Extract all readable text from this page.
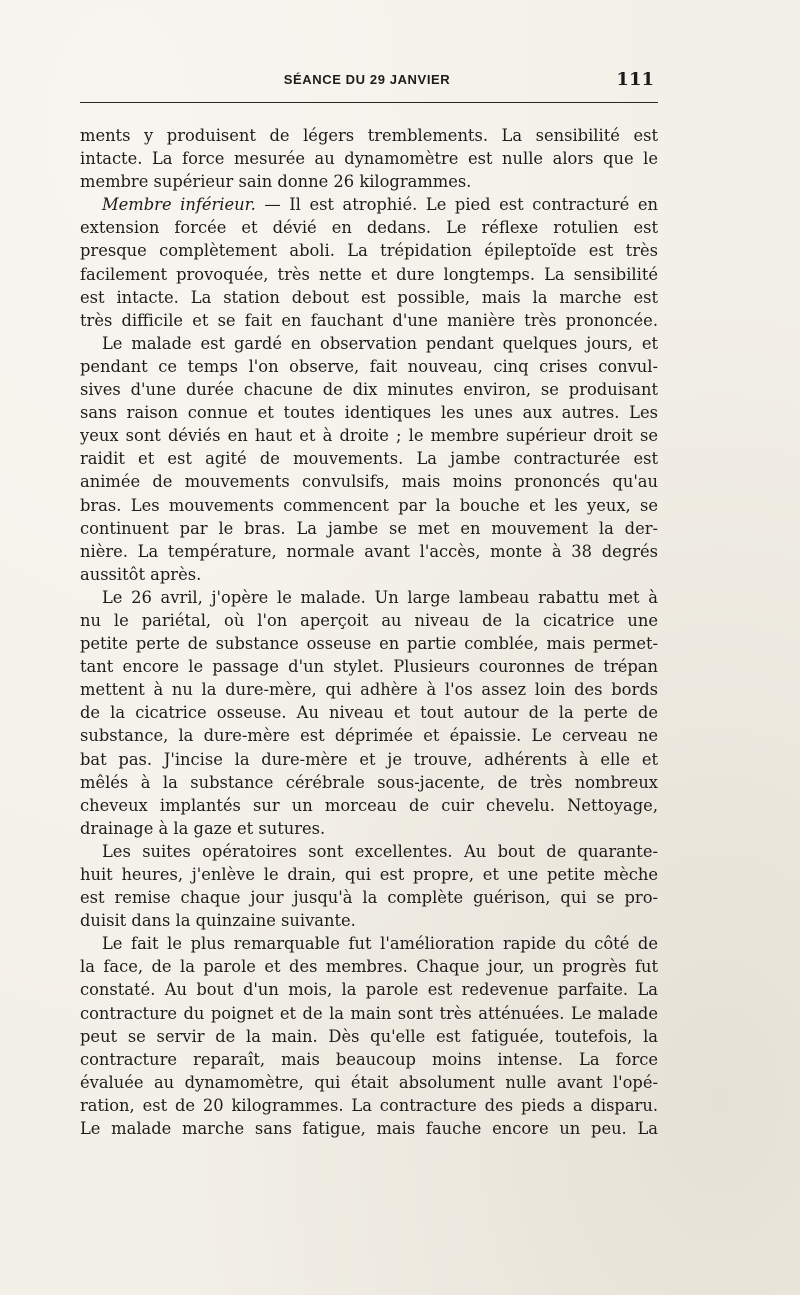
SÉANCE DU 29 JANVIER	111
ments y produisent de légers tremblements. La sensibilité est
intacte. La force mesurée au dynamomètre est nulle alors que le
membre supérieur sain donne 26 kilogrammes.
Membre inférieur. — Il est atrophié. Le pied est contracturé en
extension forcée et dévié en dedans. Le réflexe rotulien est
presque complètement aboli. La trépidation épileptoïde est très
facilement provoquée, très nette et dure longtemps. La sensibilité
est intacte. La station debout est possible, mais la marche est
très difficile et se fait en fauchant d'une manière très prononcée.
Le malade est gardé en observation pendant quelques jours, et
pendant ce temps l'on observe, fait nouveau, cinq crises convul-
sives d'une durée chacune de dix minutes environ, se produisant
sans raison connue et toutes identiques les unes aux autres. Les
yeux sont déviés en haut et à droite ; le membre supérieur droit se
raidit et est agité de mouvements. La jambe contracturée est
animée de mouvements convulsifs, mais moins prononcés qu'au
bras. Les mouvements commencent par la bouche et les yeux, se
continuent par le bras. La jambe se met en mouvement la der-
nière. La température, normale avant l'accès, monte à 38 degrés
aussitôt après.
Le 26 avril, j'opère le malade. Un large lambeau rabattu met à
nu le pariétal, où l'on aperçoit au niveau de la cicatrice une
petite perte de substance osseuse en partie comblée, mais permet-
tant encore le passage d'un stylet. Plusieurs couronnes de trépan
mettent à nu la dure-mère, qui adhère à l'os assez loin des bords
de la cicatrice osseuse. Au niveau et tout autour de la perte de
substance, la dure-mère est déprimée et épaissie. Le cerveau ne
bat pas. J'incise la dure-mère et je trouve, adhérents à elle et
mêlés à la substance cérébrale sous-jacente, de très nombreux
cheveux implantés sur un morceau de cuir chevelu. Nettoyage,
drainage à la gaze et sutures.
Les suites opératoires sont excellentes. Au bout de quarante-
huit heures, j'enlève le drain, qui est propre, et une petite mèche
est remise chaque jour jusqu'à la complète guérison, qui se pro-
duisit dans la quinzaine suivante.
Le fait le plus remarquable fut l'amélioration rapide du côté de
la face, de la parole et des membres. Chaque jour, un progrès fut
constaté. Au bout d'un mois, la parole est redevenue parfaite. La
contracture du poignet et de la main sont très atténuées. Le malade
peut se servir de la main. Dès qu'elle est fatiguée, toutefois, la
contracture reparaît, mais beaucoup moins intense. La force
évaluée au dynamomètre, qui était absolument nulle avant l'opé-
ration, est de 20 kilogrammes. La contracture des pieds a disparu.
Le malade marche sans fatigue, mais fauche encore un peu. La
